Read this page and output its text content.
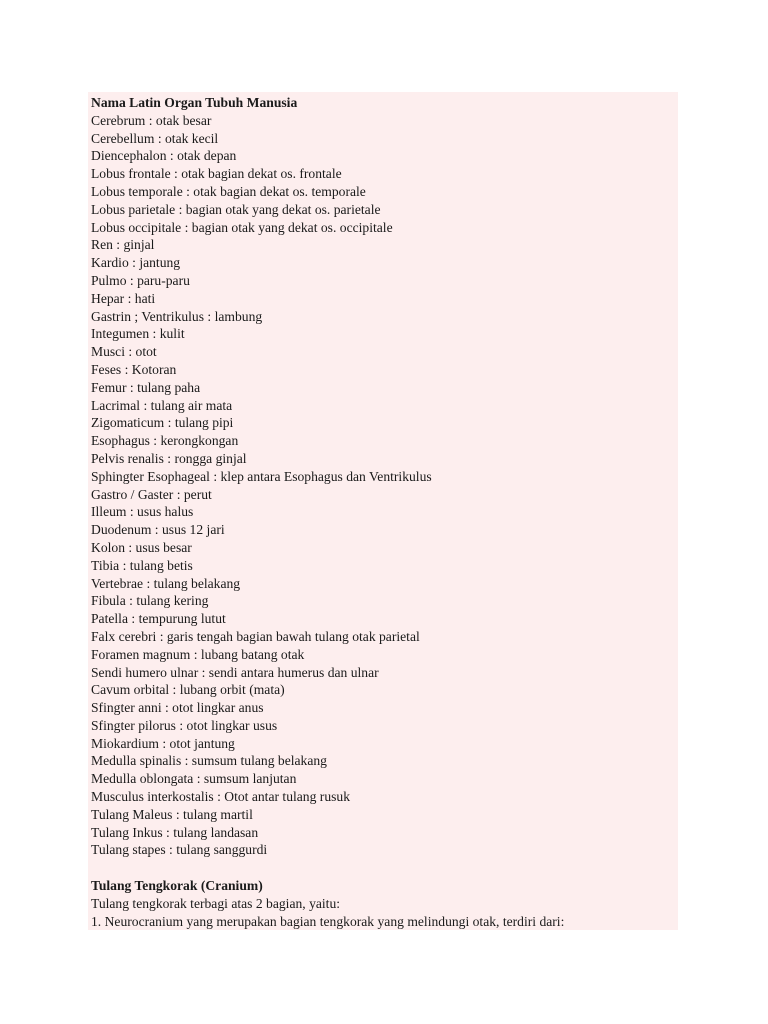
Nama Latin Organ Tubuh Manusia
Cerebrum : otak besar
Cerebellum : otak kecil
Diencephalon : otak depan
Lobus frontale : otak bagian dekat os. frontale
Lobus temporale : otak bagian dekat os. temporale
Lobus parietale : bagian otak yang dekat os. parietale
Lobus occipitale : bagian otak yang dekat os. occipitale
Ren : ginjal
Kardio : jantung
Pulmo : paru-paru
Hepar : hati
Gastrin ; Ventrikulus : lambung
Integumen : kulit
Musci : otot
Feses : Kotoran
Femur : tulang paha
Lacrimal : tulang air mata
Zigomaticum : tulang pipi
Esophagus : kerongkongan
Pelvis renalis : rongga ginjal
Sphingter Esophageal : klep antara Esophagus dan Ventrikulus
Gastro / Gaster : perut
Illeum : usus halus
Duodenum : usus 12 jari
Kolon : usus besar
Tibia : tulang betis
Vertebrae : tulang belakang
Fibula : tulang kering
Patella : tempurung lutut
Falx cerebri : garis tengah bagian bawah tulang otak parietal
Foramen magnum : lubang batang otak
Sendi humero ulnar : sendi antara humerus dan ulnar
Cavum orbital : lubang orbit (mata)
Sfingter anni : otot lingkar anus
Sfingter pilorus : otot lingkar usus
Miokardium : otot jantung
Medulla spinalis : sumsum tulang belakang
Medulla oblongata : sumsum lanjutan
Musculus interkostalis : Otot antar tulang rusuk
Tulang Maleus : tulang martil
Tulang Inkus : tulang landasan
Tulang stapes : tulang sanggurdi
Tulang Tengkorak (Cranium)
Tulang tengkorak terbagi atas 2 bagian, yaitu:
1. Neurocranium yang merupakan bagian tengkorak yang melindungi otak, terdiri dari:
